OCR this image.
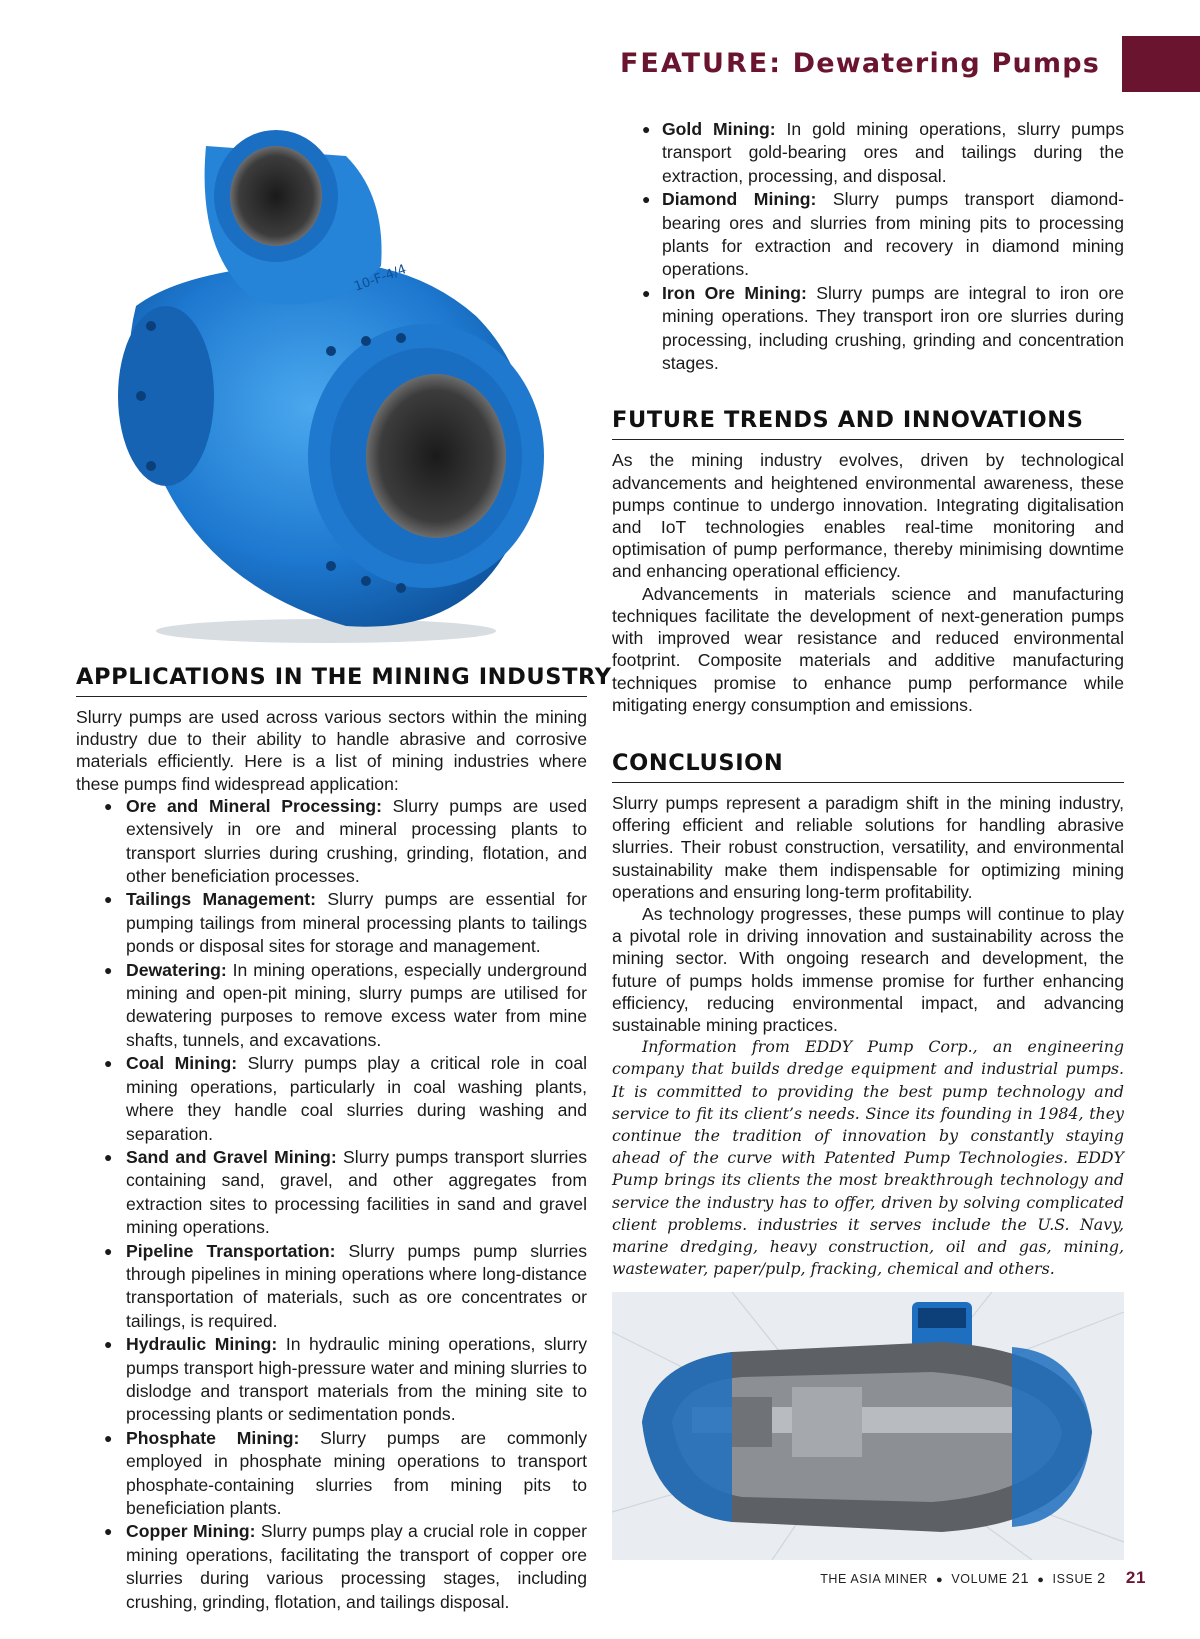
FEATURE: Dewatering Pumps
10-F-4/4
APPLICATIONS IN THE MINING INDUSTRY

Slurry pumps are used across various sectors within the mining industry due to their ability to handle abrasive and corrosive materials efficiently. Here is a list of mining industries where these pumps find widespread application:

● Ore and Mineral Processing: Slurry pumps are used extensively in ore and mineral processing plants to transport slurries during crushing, grinding, flotation, and other beneficiation processes.
● Tailings Management: Slurry pumps are essential for pumping tailings from mineral processing plants to tailings ponds or disposal sites for storage and management.
● Dewatering: In mining operations, especially underground mining and open-pit mining, slurry pumps are utilised for dewatering purposes to remove excess water from mine shafts, tunnels, and excavations.
● Coal Mining: Slurry pumps play a critical role in coal mining operations, particularly in coal washing plants, where they handle coal slurries during washing and separation.
● Sand and Gravel Mining: Slurry pumps transport slurries containing sand, gravel, and other aggregates from extraction sites to processing facilities in sand and gravel mining operations.
● Pipeline Transportation: Slurry pumps pump slurries through pipelines in mining operations where long-distance transportation of materials, such as ore concentrates or tailings, is required.
● Hydraulic Mining: In hydraulic mining operations, slurry pumps transport high-pressure water and mining slurries to dislodge and transport materials from the mining site to processing plants or sedimentation ponds.
● Phosphate Mining: Slurry pumps are commonly employed in phosphate mining operations to transport phosphate-containing slurries from mining pits to beneficiation plants.
● Copper Mining: Slurry pumps play a crucial role in copper mining operations, facilitating the transport of copper ore slurries during various processing stages, including crushing, grinding, flotation, and tailings disposal.
● Gold Mining: In gold mining operations, slurry pumps transport gold-bearing ores and tailings during the extraction, processing, and disposal.
● Diamond Mining: Slurry pumps transport diamond-bearing ores and slurries from mining pits to processing plants for extraction and recovery in diamond mining operations.
● Iron Ore Mining: Slurry pumps are integral to iron ore mining operations. They transport iron ore slurries during processing, including crushing, grinding and concentration stages.
FUTURE TRENDS AND INNOVATIONS

As the mining industry evolves, driven by technological advancements and heightened environmental awareness, these pumps continue to undergo innovation. Integrating digitalisation and IoT technologies enables real-time monitoring and optimisation of pump performance, thereby minimising downtime and enhancing operational efficiency.

Advancements in materials science and manufacturing techniques facilitate the development of next-generation pumps with improved wear resistance and reduced environmental footprint. Composite materials and additive manufacturing techniques promise to enhance pump performance while mitigating energy consumption and emissions.

CONCLUSION

Slurry pumps represent a paradigm shift in the mining industry, offering efficient and reliable solutions for handling abrasive slurries. Their robust construction, versatility, and environmental sustainability make them indispensable for optimizing mining operations and ensuring long-term profitability.

As technology progresses, these pumps will continue to play a pivotal role in driving innovation and sustainability across the mining sector. With ongoing research and development, the future of pumps holds immense promise for further enhancing efficiency, reducing environmental impact, and advancing sustainable mining practices.

Information from EDDY Pump Corp., an engineering company that builds dredge equipment and industrial pumps. It is committed to providing the best pump technology and service to fit its client’s needs. Since its founding in 1984, they continue the tradition of innovation by constantly staying ahead of the curve with Patented Pump Technologies. EDDY Pump brings its clients the most breakthrough technology and service the industry has to offer, driven by solving complicated client problems. industries it serves include the U.S. Navy, marine dredging, heavy construction, oil and gas, mining, wastewater, paper/pulp, fracking, chemical and others.

THE ASIA MINER ● VOLUME 21 ● ISSUE 2 21
